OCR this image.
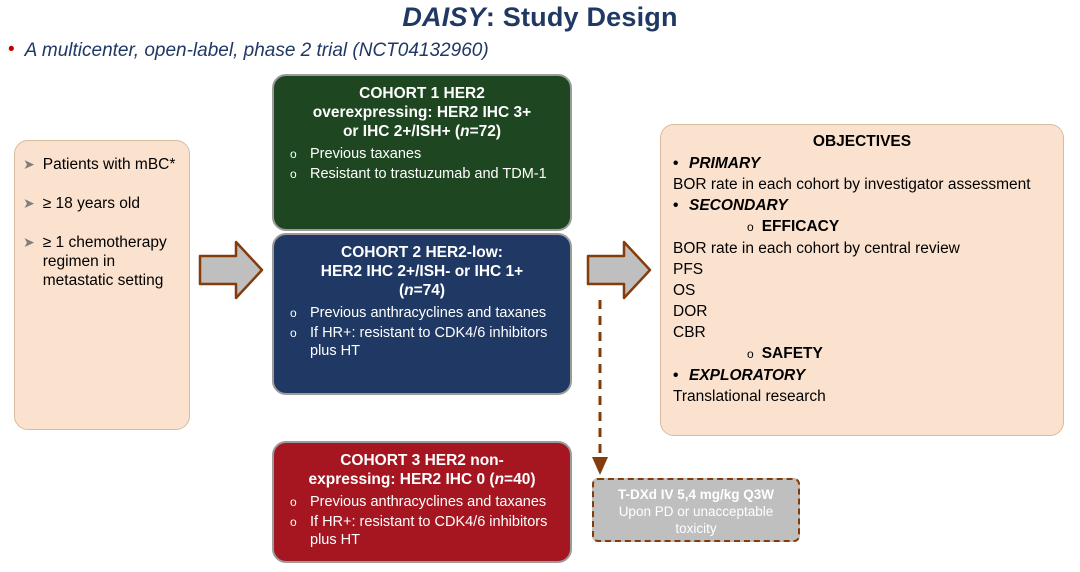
DAISY: Study Design
• A multicenter, open-label, phase 2 trial (NCT04132960)
➤ Patients with mBC*
➤ ≥ 18 years old
➤ ≥ 1 chemotherapy regimen in metastatic setting
COHORT 1 HER2
overexpressing: HER2 IHC 3+
or IHC 2+/ISH+ (n=72)
o Previous taxanes
o Resistant to trastuzumab and TDM-1
COHORT 2 HER2-low:
HER2 IHC 2+/ISH- or IHC 1+
(n=74)
o Previous anthracyclines and taxanes
o If HR+: resistant to CDK4/6 inhibitors plus HT
COHORT 3 HER2 non-
expressing: HER2 IHC 0 (n=40)
o Previous anthracyclines and taxanes
o If HR+: resistant to CDK4/6 inhibitors plus HT
OBJECTIVES
• PRIMARY
BOR rate in each cohort by investigator assessment
• SECONDARY
o EFFICACY
BOR rate in each cohort by central review
PFS
OS
DOR
CBR
o SAFETY
• EXPLORATORY
Translational research
T-DXd IV 5,4 mg/kg Q3W
Upon PD or unacceptable toxicity
